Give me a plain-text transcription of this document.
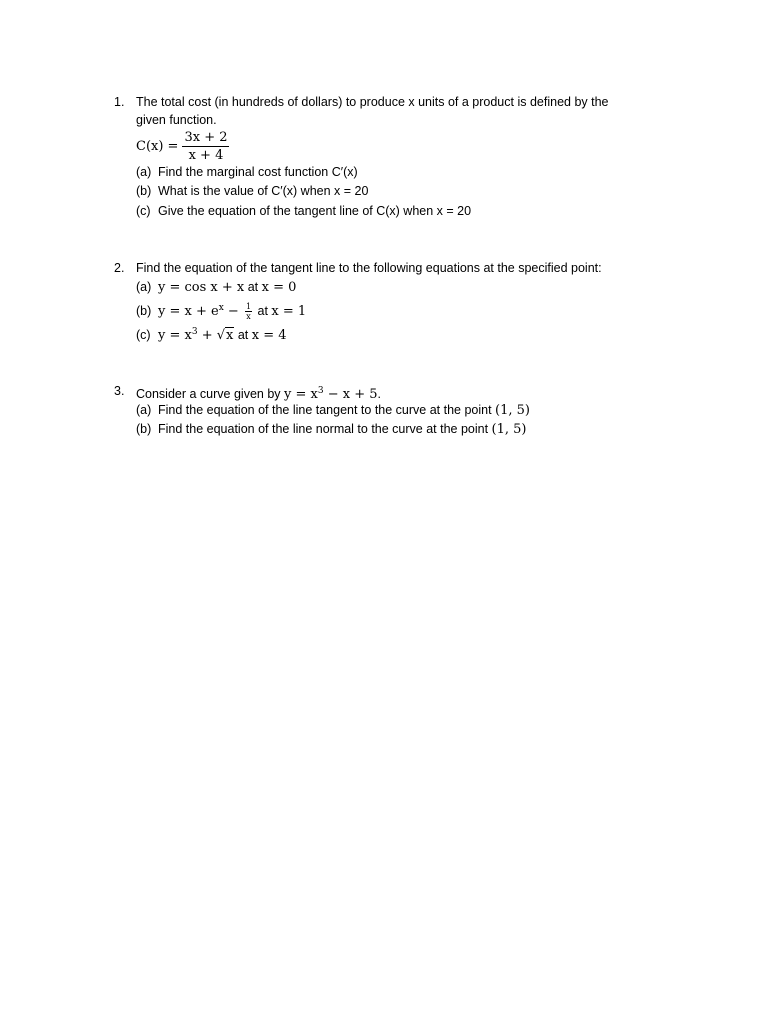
1. The total cost (in hundreds of dollars) to produce x units of a product is defined by the
given function.
$C(x) = \frac{3x + 2}{x + 4}$
(a) Find the marginal cost function C′(x)
(b) What is the value of C′(x) when x = 20
(c) Give the equation of the tangent line of C(x) when x = 20
2. Find the equation of the tangent line to the following equations at the specified point:
(a) y = cos x + x at x = 0
(b) $y = x + e^x - \frac{1}{x}$ at x = 1
(c) $y = x^3 + √x$ at x = 4
3. Consider a curve given by $y = x^3 - x + 5$.
(a) Find the equation of the line tangent to the curve at the point (1, 5)
(b) Find the equation of the line normal to the curve at the point (1, 5)
